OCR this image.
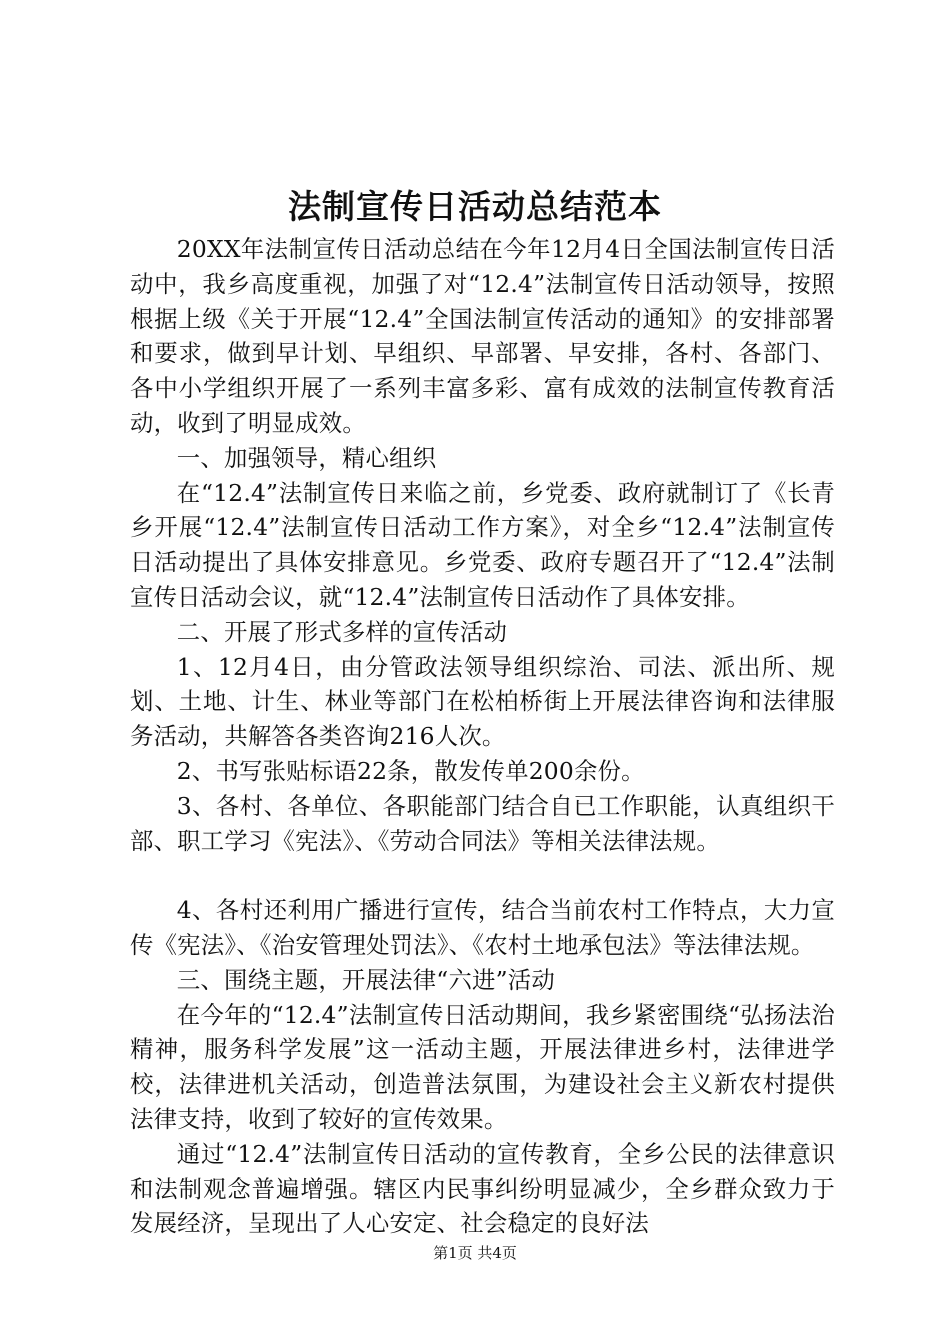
法制宣传日活动总结范本

20XX年法制宣传日活动总结在今年12月4日全国法制宣传日活动中，我乡高度重视，加强了对“12.4”法制宣传日活动领导，按照根据上级《关于开展“12.4”全国法制宣传活动的通知》的安排部署和要求，做到早计划、早组织、早部署、早安排，各村、各部门、各中小学组织开展了一系列丰富多彩、富有成效的法制宣传教育活动，收到了明显成效。

一、加强领导，精心组织

在“12.4”法制宣传日来临之前，乡党委、政府就制订了《长青乡开展“12.4”法制宣传日活动工作方案》，对全乡“12.4”法制宣传日活动提出了具体安排意见。乡党委、政府专题召开了“12.4”法制宣传日活动会议，就“12.4”法制宣传日活动作了具体安排。

二、开展了形式多样的宣传活动

1、12月4日，由分管政法领导组织综治、司法、派出所、规划、土地、计生、林业等部门在松柏桥街上开展法律咨询和法律服务活动，共解答各类咨询216人次。

2、书写张贴标语22条，散发传单200余份。

3、各村、各单位、各职能部门结合自已工作职能，认真组织干部、职工学习《宪法》、《劳动合同法》等相关法律法规。

4、各村还利用广播进行宣传，结合当前农村工作特点，大力宣传《宪法》、《治安管理处罚法》、《农村土地承包法》等法律法规。

三、围绕主题，开展法律“六进”活动

在今年的“12.4”法制宣传日活动期间，我乡紧密围绕“弘扬法治精神，服务科学发展”这一活动主题，开展法律进乡村，法律进学校，法律进机关活动，创造普法氛围，为建设社会主义新农村提供法律支持，收到了较好的宣传效果。

通过“12.4”法制宣传日活动的宣传教育，全乡公民的法律意识和法制观念普遍增强。辖区内民事纠纷明显减少，全乡群众致力于发展经济，呈现出了人心安定、社会稳定的良好法

第1页 共4页
